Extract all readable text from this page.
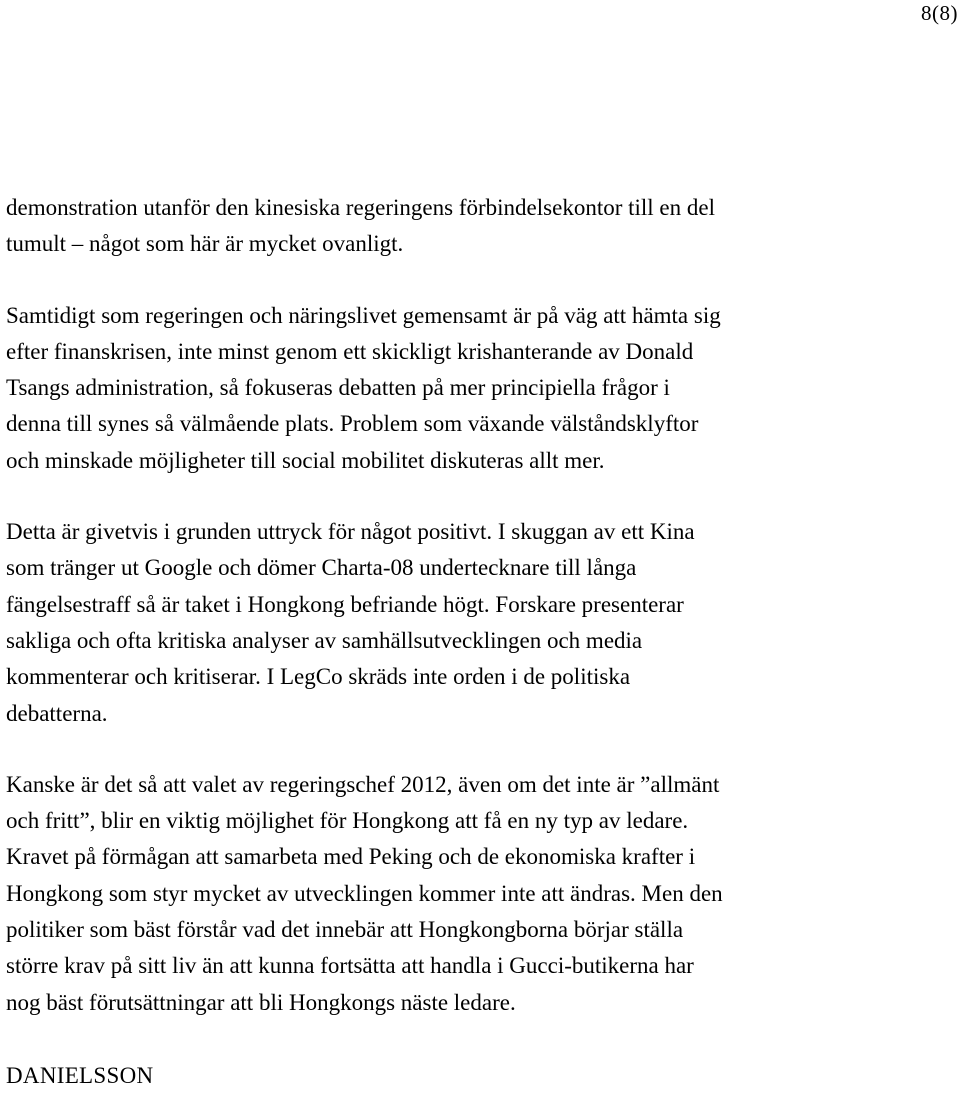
8(8)

demonstration utanför den kinesiska regeringens förbindelsekontor till en del
tumult – något som här är mycket ovanligt.

Samtidigt som regeringen och näringslivet gemensamt är på väg att hämta sig
efter finanskrisen, inte minst genom ett skickligt krishanterande av Donald
Tsangs administration, så fokuseras debatten på mer principiella frågor i
denna till synes så välmående plats. Problem som växande välståndsklyftor
och minskade möjligheter till social mobilitet diskuteras allt mer.

Detta är givetvis i grunden uttryck för något positivt. I skuggan av ett Kina
som tränger ut Google och dömer Charta-08 undertecknare till långa
fängelsestraff så är taket i Hongkong befriande högt. Forskare presenterar
sakliga och ofta kritiska analyser av samhällsutvecklingen och media
kommenterar och kritiserar. I LegCo skräds inte orden i de politiska
debatterna.

Kanske är det så att valet av regeringschef 2012, även om det inte är ”allmänt
och fritt”, blir en viktig möjlighet för Hongkong att få en ny typ av ledare.
Kravet på förmågan att samarbeta med Peking och de ekonomiska krafter i
Hongkong som styr mycket av utvecklingen kommer inte att ändras. Men den
politiker som bäst förstår vad det innebär att Hongkongborna börjar ställa
större krav på sitt liv än att kunna fortsätta att handla i Gucci-butikerna har
nog bäst förutsättningar att bli Hongkongs näste ledare.

DANIELSSON
